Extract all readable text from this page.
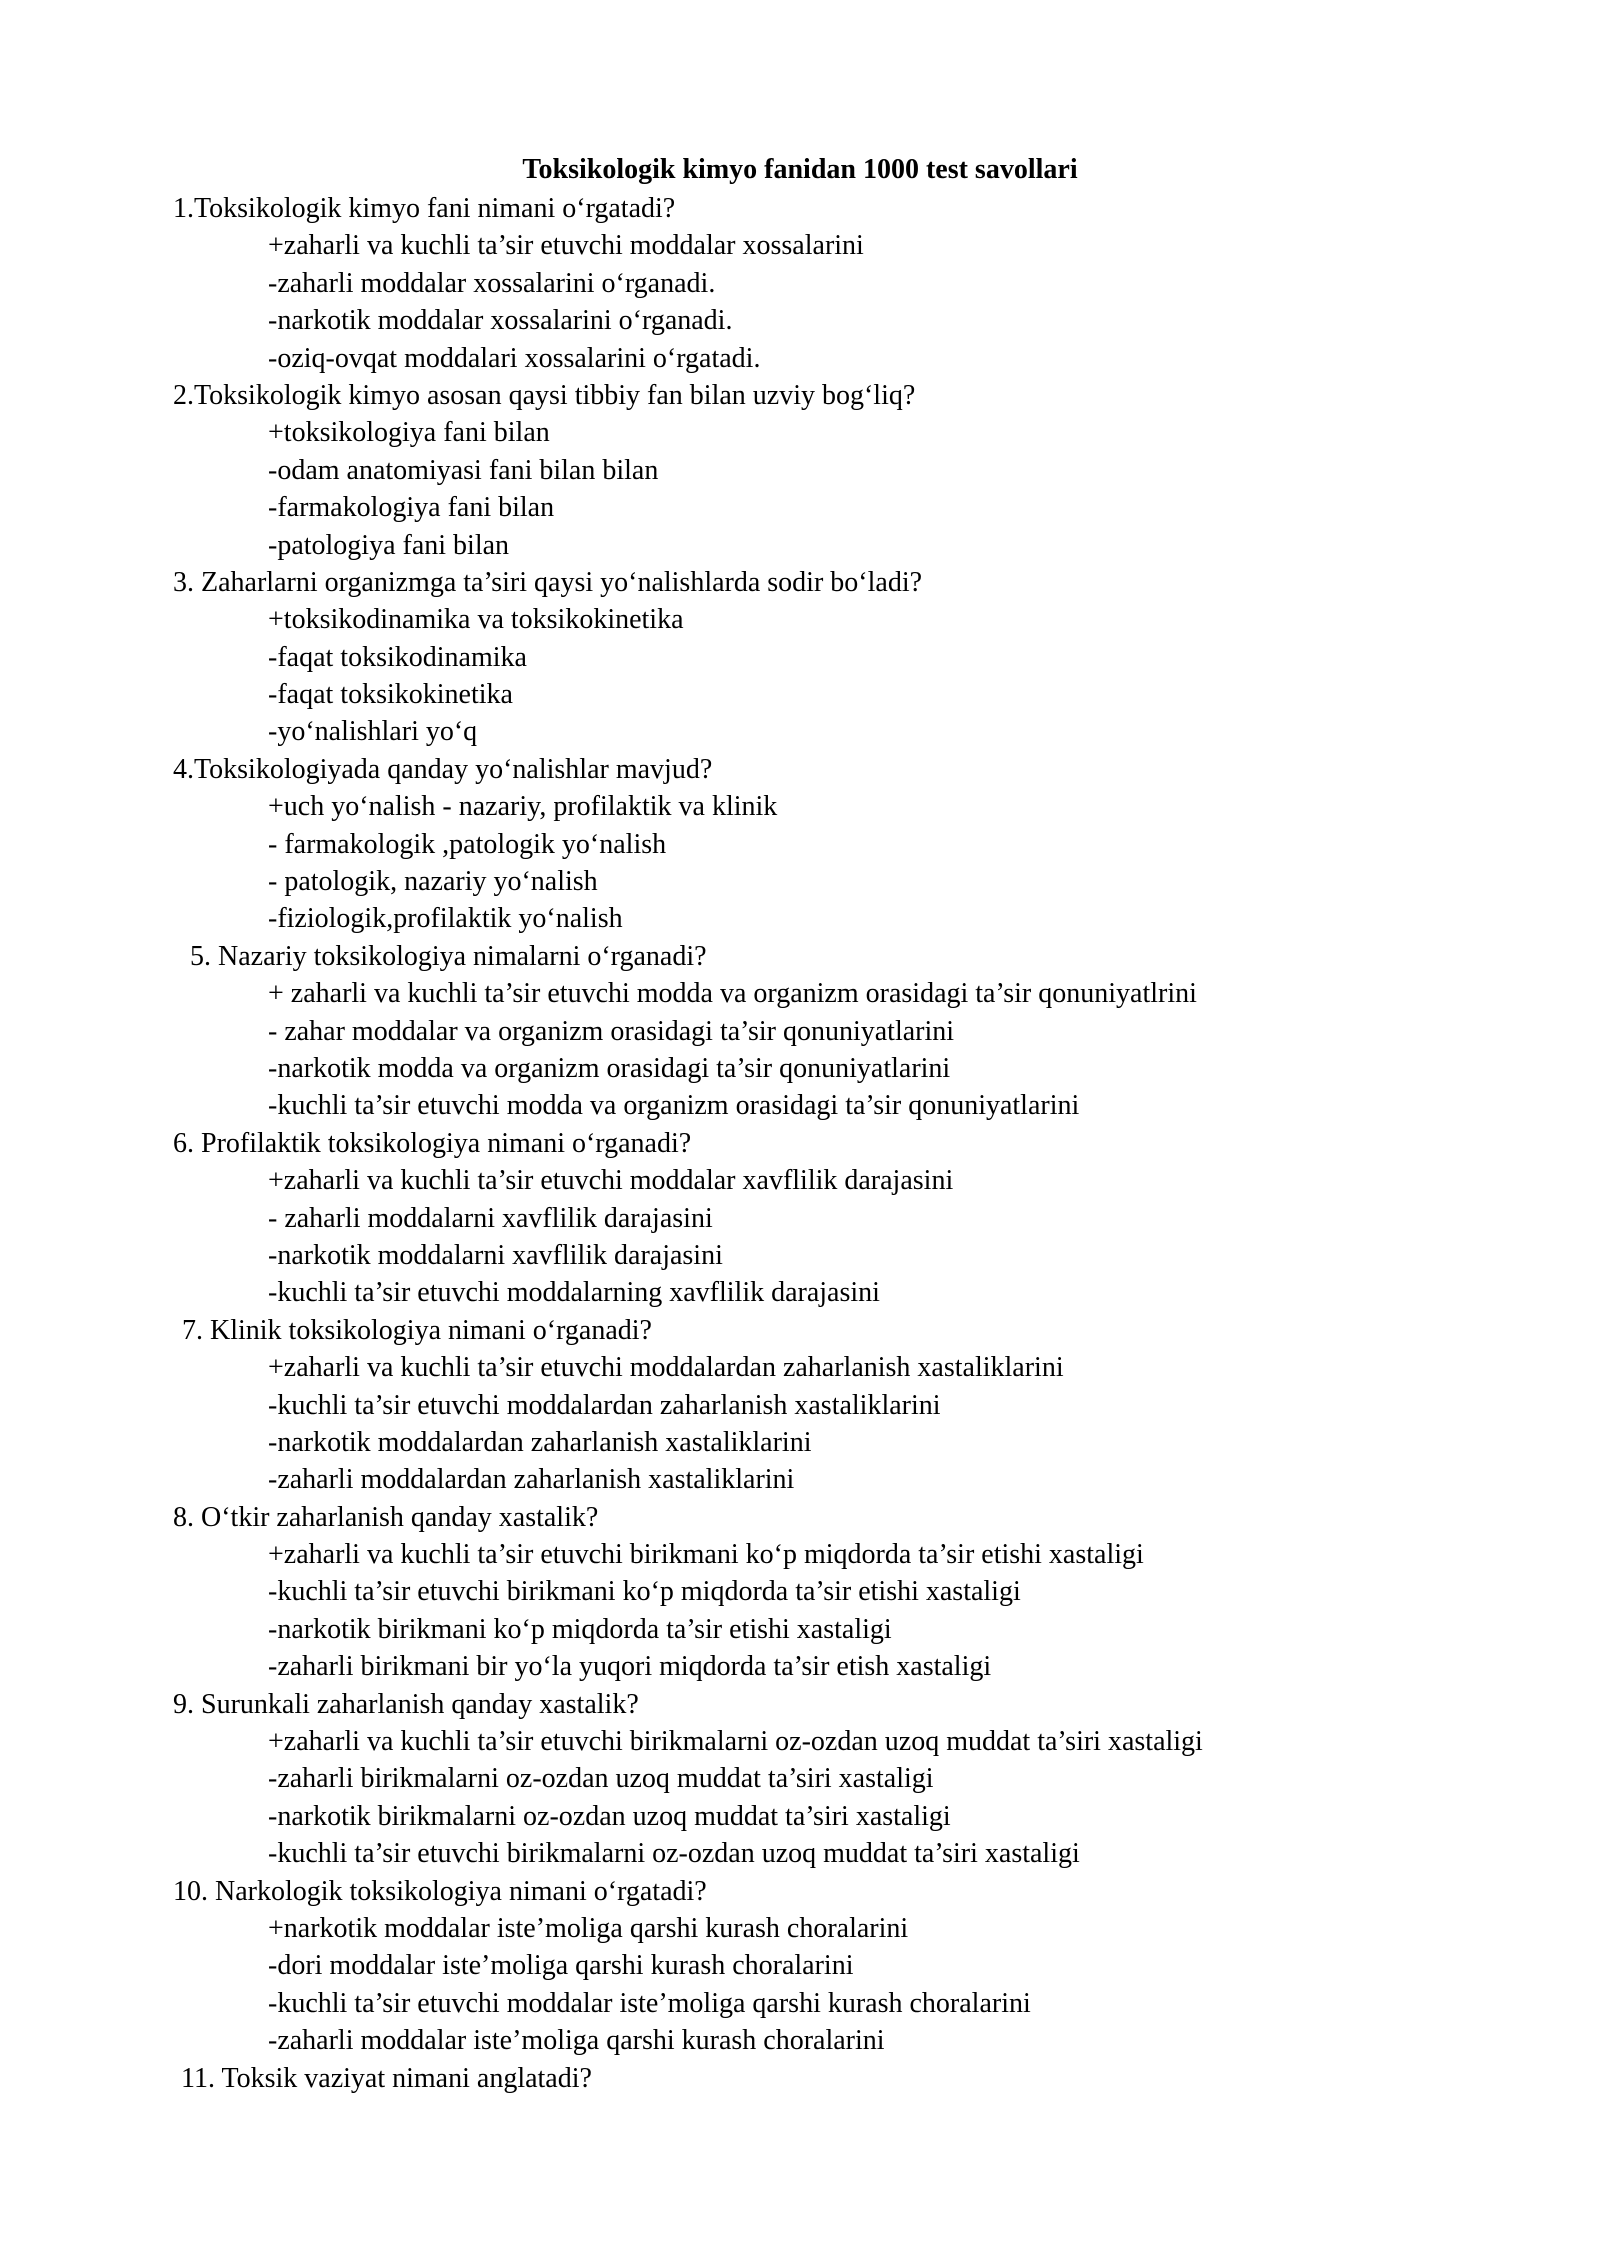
Toksikologik kimyo fanidan 1000 test savollari
1.Toksikologik kimyo fani nimani o‘rgatadi?
+zaharli va kuchli ta’sir etuvchi moddalar xossalarini
-zaharli moddalar xossalarini o‘rganadi.
-narkotik moddalar xossalarini o‘rganadi.
-oziq-ovqat moddalari xossalarini o‘rgatadi.
2.Toksikologik kimyo asosan qaysi tibbiy fan bilan uzviy bog‘liq?
+toksikologiya fani bilan
-odam anatomiyasi fani bilan bilan
-farmakologiya fani bilan
-patologiya fani bilan
3. Zaharlarni organizmga ta’siri qaysi yo‘nalishlarda sodir bo‘ladi?
+toksikodinamika va toksikokinetika
-faqat toksikodinamika
-faqat toksikokinetika
-yo‘nalishlari yo‘q
4.Toksikologiyada qanday yo‘nalishlar mavjud?
+uch yo‘nalish - nazariy, profilaktik va klinik
- farmakologik ,patologik yo‘nalish
- patologik, nazariy yo‘nalish
-fiziologik,profilaktik yo‘nalish
5. Nazariy toksikologiya nimalarni o‘rganadi?
+ zaharli va kuchli ta’sir etuvchi modda va organizm orasidagi ta’sir qonuniyatlrini
- zahar moddalar va organizm orasidagi ta’sir qonuniyatlarini
-narkotik modda va organizm orasidagi ta’sir qonuniyatlarini
-kuchli ta’sir etuvchi modda va organizm orasidagi ta’sir qonuniyatlarini
6. Profilaktik toksikologiya nimani o‘rganadi?
+zaharli va kuchli ta’sir etuvchi moddalar xavflilik darajasini
- zaharli moddalarni xavflilik darajasini
-narkotik moddalarni xavflilik darajasini
-kuchli ta’sir etuvchi moddalarning xavflilik darajasini
7. Klinik toksikologiya nimani o‘rganadi?
+zaharli va kuchli ta’sir etuvchi moddalardan zaharlanish xastaliklarini
-kuchli ta’sir etuvchi moddalardan zaharlanish xastaliklarini
-narkotik moddalardan zaharlanish xastaliklarini
-zaharli moddalardan zaharlanish xastaliklarini
8. O‘tkir zaharlanish qanday xastalik?
+zaharli va kuchli ta’sir etuvchi birikmani ko‘p miqdorda ta’sir etishi xastaligi
-kuchli ta’sir etuvchi birikmani ko‘p miqdorda ta’sir etishi xastaligi
-narkotik birikmani ko‘p miqdorda ta’sir etishi xastaligi
-zaharli birikmani bir yo‘la yuqori miqdorda ta’sir etish xastaligi
9. Surunkali zaharlanish qanday xastalik?
+zaharli va kuchli ta’sir etuvchi birikmalarni oz-ozdan uzoq muddat ta’siri xastaligi
-zaharli birikmalarni oz-ozdan uzoq muddat ta’siri xastaligi
-narkotik birikmalarni oz-ozdan uzoq muddat ta’siri xastaligi
-kuchli ta’sir etuvchi birikmalarni oz-ozdan uzoq muddat ta’siri xastaligi
10. Narkologik toksikologiya nimani o‘rgatadi?
+narkotik moddalar iste’moliga qarshi kurash choralarini
-dori moddalar iste’moliga qarshi kurash choralarini
-kuchli ta’sir etuvchi moddalar iste’moliga qarshi kurash choralarini
-zaharli moddalar iste’moliga qarshi kurash choralarini
11. Toksik vaziyat nimani anglatadi?
